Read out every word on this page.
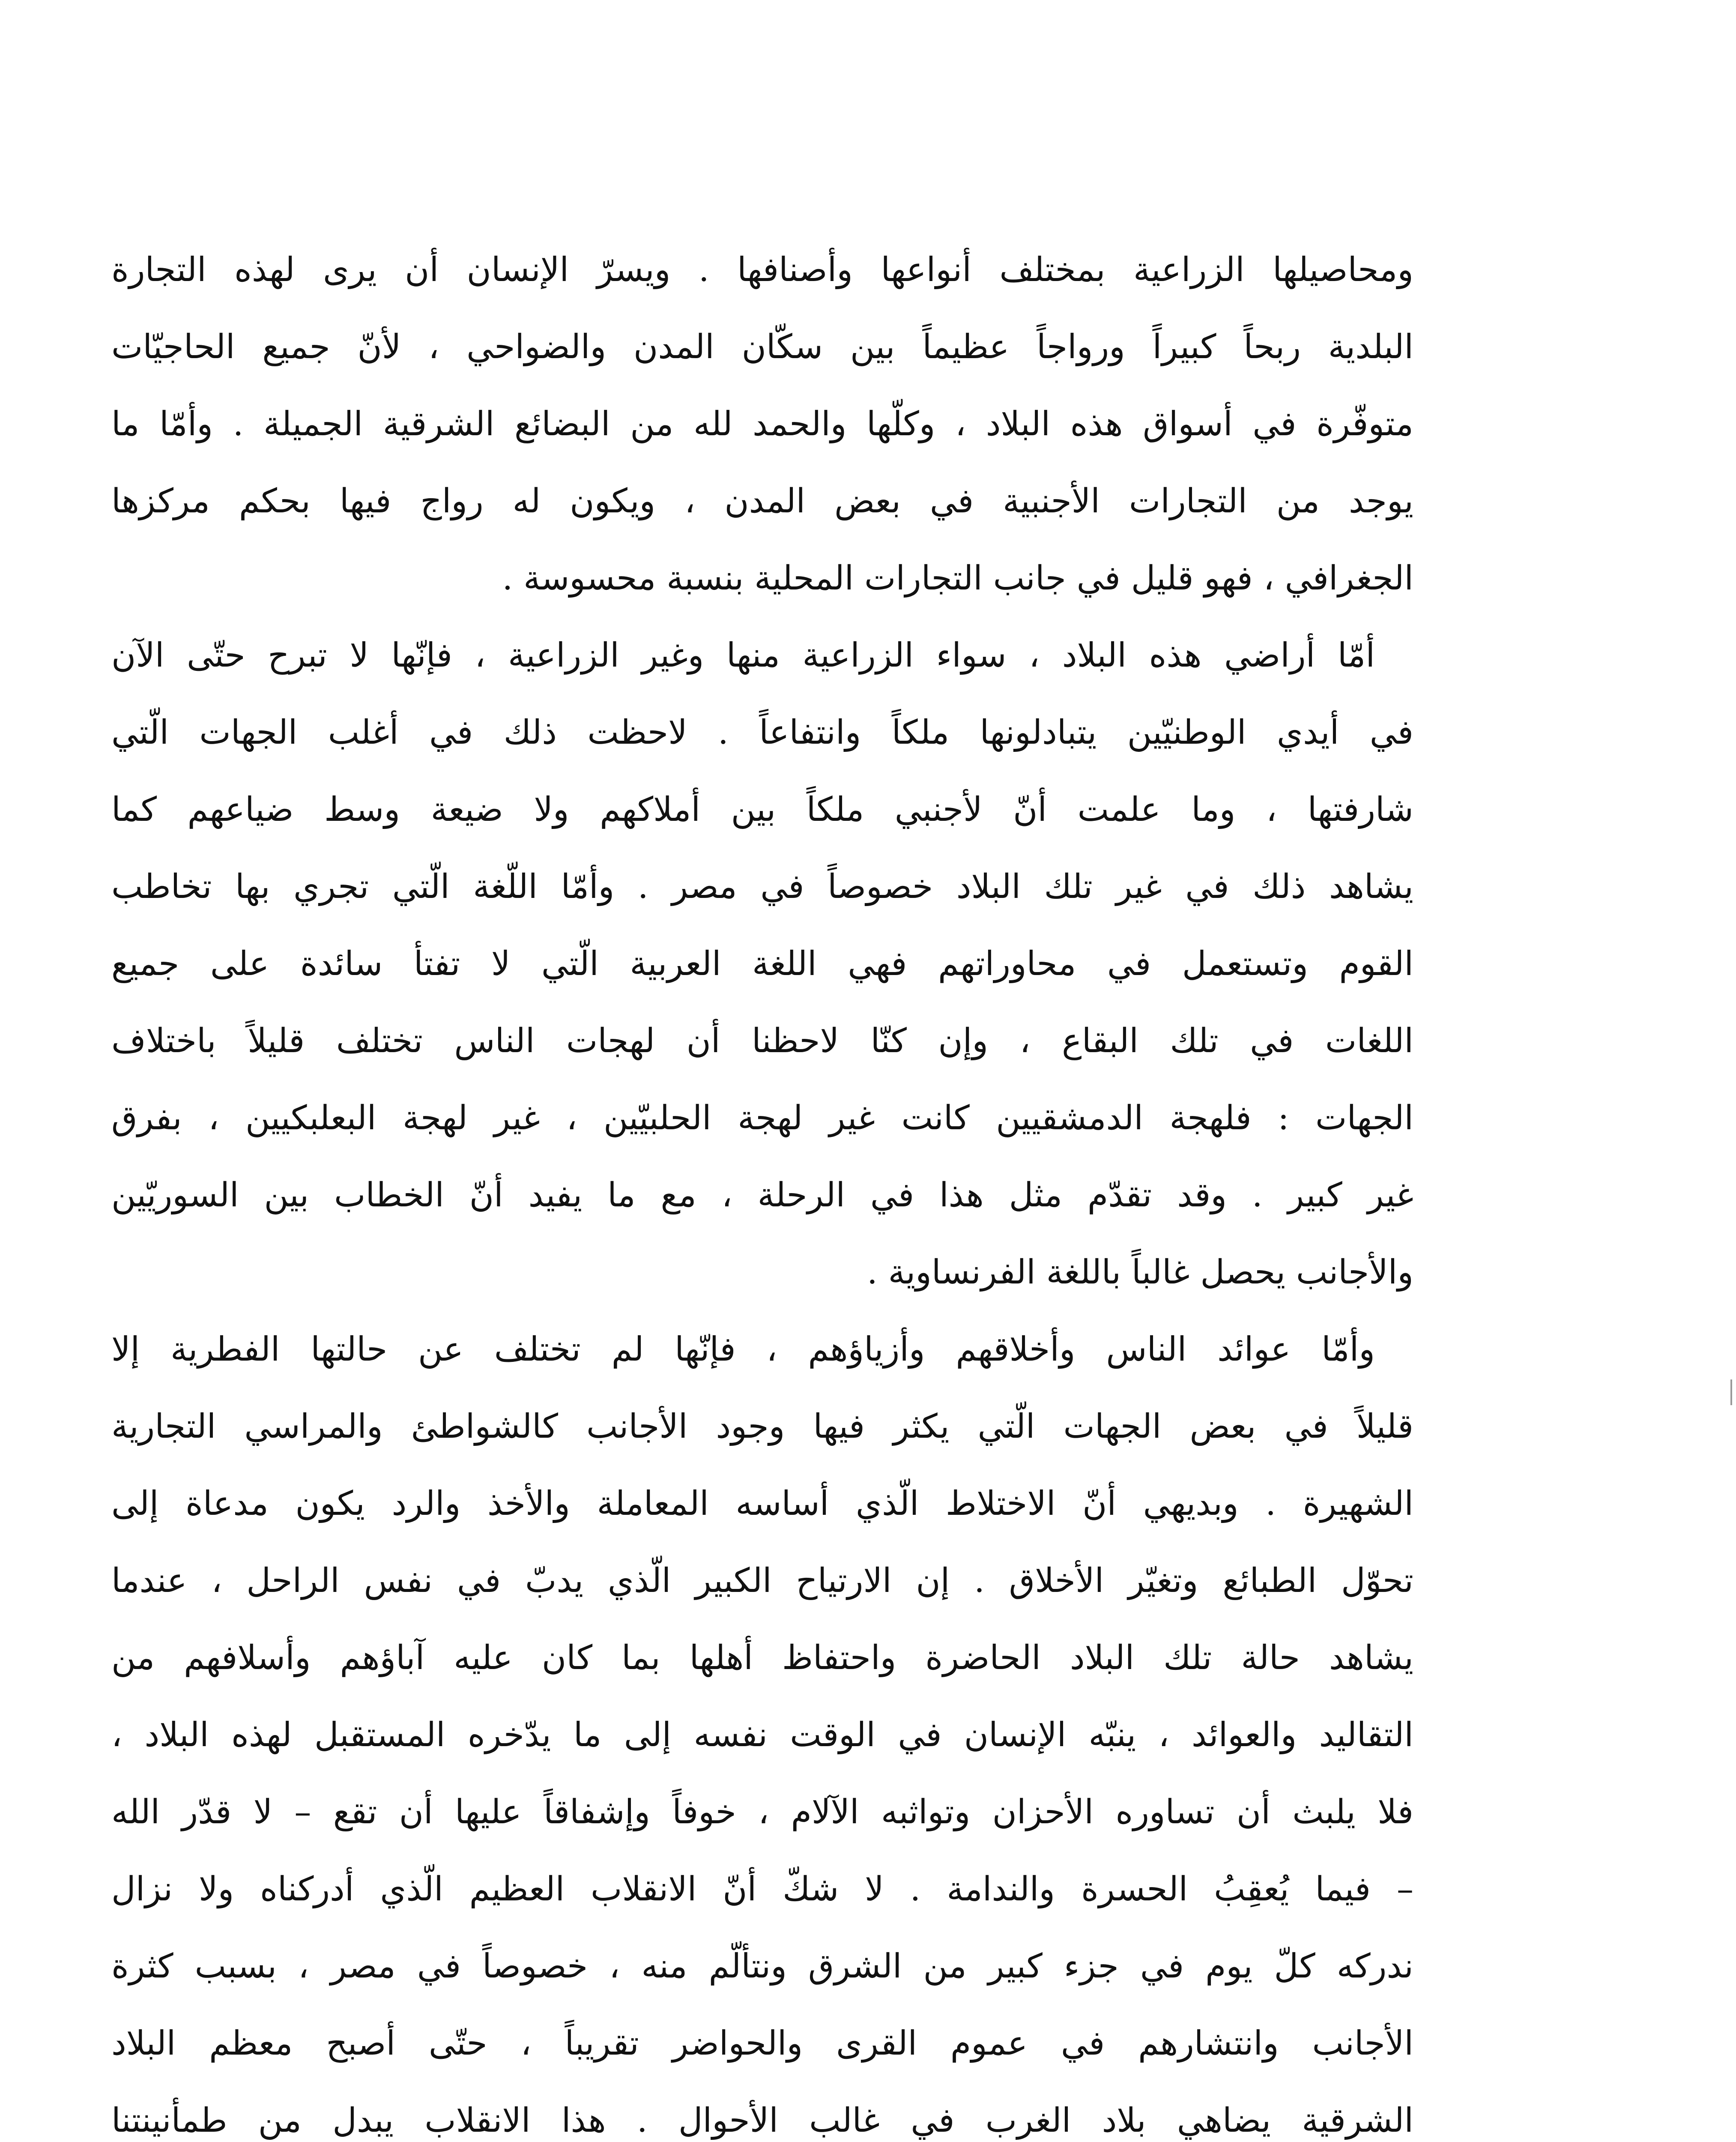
ومحاصيلها الزراعية بمختلف أنواعها وأصنافها . ويسرّ الإنسان أن يرى لهذه التجارة
البلدية ربحاً كبيراً ورواجاً عظيماً بين سكّان المدن والضواحي ، لأنّ جميع الحاجيّات
متوفّرة في أسواق هذه البلاد ، وكلّها والحمد لله من البضائع الشرقية الجميلة . وأمّا ما
يوجد من التجارات الأجنبية في بعض المدن ، ويكون له رواج فيها بحكم مركزها
الجغرافي ، فهو قليل في جانب التجارات المحلية بنسبة محسوسة .
أمّا أراضي هذه البلاد ، سواء الزراعية منها وغير الزراعية ، فإنّها لا تبرح حتّى الآن
في أيدي الوطنيّين يتبادلونها ملكاً وانتفاعاً . لاحظت ذلك في أغلب الجهات الّتي
شارفتها ، وما علمت أنّ لأجنبي ملكاً بين أملاكهم ولا ضيعة وسط ضياعهم كما
يشاهد ذلك في غير تلك البلاد خصوصاً في مصر . وأمّا اللّغة الّتي تجري بها تخاطب
القوم وتستعمل في محاوراتهم فهي اللغة العربية الّتي لا تفتأ سائدة على جميع
اللغات في تلك البقاع ، وإن كنّا لاحظنا أن لهجات الناس تختلف قليلاً باختلاف
الجهات : فلهجة الدمشقيين كانت غير لهجة الحلبيّين ، غير لهجة البعلبكيين ، بفرق
غير كبير . وقد تقدّم مثل هذا في الرحلة ، مع ما يفيد أنّ الخطاب بين السوريّين
والأجانب يحصل غالباً باللغة الفرنساوية .
وأمّا عوائد الناس وأخلاقهم وأزياؤهم ، فإنّها لم تختلف عن حالتها الفطرية إلا
قليلاً في بعض الجهات الّتي يكثر فيها وجود الأجانب كالشواطئ والمراسي التجارية
الشهيرة . وبديهي أنّ الاختلاط الّذي أساسه المعاملة والأخذ والرد يكون مدعاة إلى
تحوّل الطبائع وتغيّر الأخلاق . إن الارتياح الكبير الّذي يدبّ في نفس الراحل ، عندما
يشاهد حالة تلك البلاد الحاضرة واحتفاظ أهلها بما كان عليه آباؤهم وأسلافهم من
التقاليد والعوائد ، ينبّه الإنسان في الوقت نفسه إلى ما يدّخره المستقبل لهذه البلاد ،
فلا يلبث أن تساوره الأحزان وتواثبه الآلام ، خوفاً وإشفاقاً عليها أن تقع – لا قدّر الله
– فيما يُعقِبُ الحسرة والندامة . لا شكّ أنّ الانقلاب العظيم الّذي أدركناه ولا نزال
ندركه كلّ يوم في جزء كبير من الشرق ونتألّم منه ، خصوصاً في مصر ، بسبب كثرة
الأجانب وانتشارهم في عموم القرى والحواضر تقريباً ، حتّى أصبح معظم البلاد
الشرقية يضاهي بلاد الغرب في غالب الأحوال . هذا الانقلاب يبدل من طمأنينتنا
